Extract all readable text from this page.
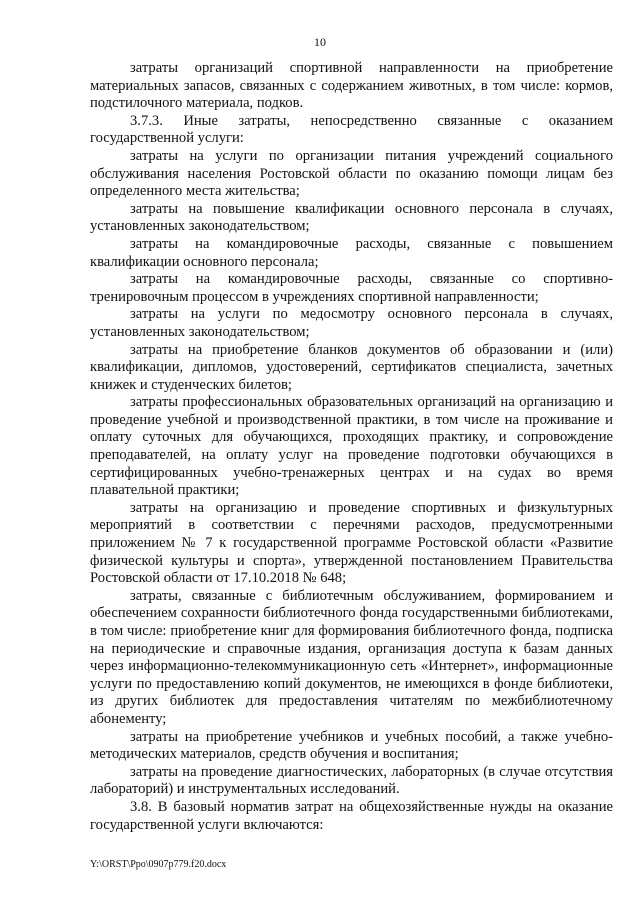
10

затраты организаций спортивной направленности на приобретение материальных запасов, связанных с содержанием животных, в том числе: кормов, подстилочного материала, подков.

3.7.3. Иные затраты, непосредственно связанные с оказанием государственной услуги:

затраты на услуги по организации питания учреждений социального обслуживания населения Ростовской области по оказанию помощи лицам без определенного места жительства;

затраты на повышение квалификации основного персонала в случаях, установленных законодательством;

затраты на командировочные расходы, связанные с повышением квалификации основного персонала;

затраты на командировочные расходы, связанные со спортивно-тренировочным процессом в учреждениях спортивной направленности;

затраты на услуги по медосмотру основного персонала в случаях, установленных законодательством;

затраты на приобретение бланков документов об образовании и (или) квалификации, дипломов, удостоверений, сертификатов специалиста, зачетных книжек и студенческих билетов;

затраты профессиональных образовательных организаций на организацию и проведение учебной и производственной практики, в том числе на проживание и оплату суточных для обучающихся, проходящих практику, и сопровождение преподавателей, на оплату услуг на проведение подготовки обучающихся в сертифицированных учебно-тренажерных центрах и на судах во время плавательной практики;

затраты на организацию и проведение спортивных и физкультурных мероприятий в соответствии с перечнями расходов, предусмотренными приложением № 7 к государственной программе Ростовской области «Развитие физической культуры и спорта», утвержденной постановлением Правительства Ростовской области от 17.10.2018 № 648;

затраты, связанные с библиотечным обслуживанием, формированием и обеспечением сохранности библиотечного фонда государственными библиотеками, в том числе: приобретение книг для формирования библиотечного фонда, подписка на периодические и справочные издания, организация доступа к базам данных через информационно-телекоммуникационную сеть «Интернет», информационные услуги по предоставлению копий документов, не имеющихся в фонде библиотеки, из других библиотек для предоставления читателям по межбиблиотечному абонементу;

затраты на приобретение учебников и учебных пособий, а также учебно-методических материалов, средств обучения и воспитания;

затраты на проведение диагностических, лабораторных (в случае отсутствия лабораторий) и инструментальных исследований.

3.8. В базовый норматив затрат на общехозяйственные нужды на оказание государственной услуги включаются:

Y:\ORST\Ppo\0907p779.f20.docx
